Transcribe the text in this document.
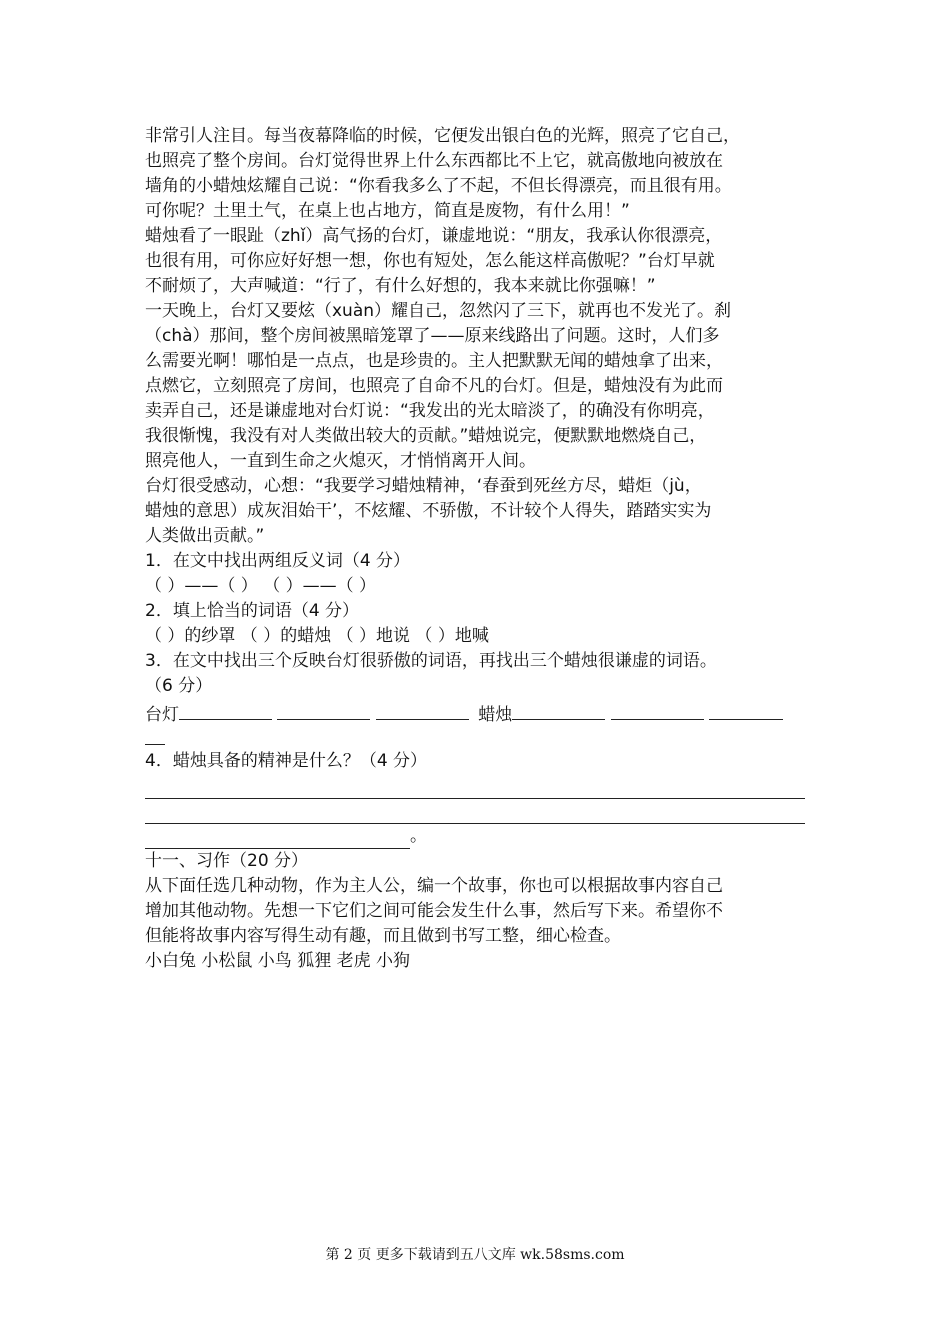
非常引人注目。每当夜幕降临的时候，它便发出银白色的光辉，照亮了它自己，
也照亮了整个房间。台灯觉得世界上什么东西都比不上它，就高傲地向被放在
墙角的小蜡烛炫耀自己说：“你看我多么了不起，不但长得漂亮，而且很有用。
可你呢？土里土气，在桌上也占地方，简直是废物，有什么用！”
蜡烛看了一眼趾（zhǐ）高气扬的台灯，谦虚地说：“朋友，我承认你很漂亮，
也很有用，可你应好好想一想，你也有短处，怎么能这样高傲呢？”台灯早就
不耐烦了，大声喊道：“行了，有什么好想的，我本来就比你强嘛！”
一天晚上，台灯又要炫（xuàn）耀自己，忽然闪了三下，就再也不发光了。刹
（chà）那间，整个房间被黑暗笼罩了——原来线路出了问题。这时，人们多
么需要光啊！哪怕是一点点，也是珍贵的。主人把默默无闻的蜡烛拿了出来，
点燃它，立刻照亮了房间，也照亮了自命不凡的台灯。但是，蜡烛没有为此而
卖弄自己，还是谦虚地对台灯说：“我发出的光太暗淡了，的确没有你明亮，
我很惭愧，我没有对人类做出较大的贡献。”蜡烛说完，便默默地燃烧自己，
照亮他人，一直到生命之火熄灭，才悄悄离开人间。
台灯很受感动，心想：“我要学习蜡烛精神，‘春蚕到死丝方尽，蜡炬（jù，
蜡烛的意思）成灰泪始干’，不炫耀、不骄傲，不计较个人得失，踏踏实实为
人类做出贡献。”
1．在文中找出两组反义词（4 分）
（ ）——（ ） （ ）——（ ）
2．填上恰当的词语（4 分）
（ ）的纱罩 （ ）的蜡烛 （ ）地说 （ ）地喊
3．在文中找出三个反映台灯很骄傲的词语，再找出三个蜡烛很谦虚的词语。
（6 分）
台灯	蜡烛
4．蜡烛具备的精神是什么？（4 分）
。
十一、习作（20 分）
从下面任选几种动物，作为主人公，编一个故事，你也可以根据故事内容自己
增加其他动物。先想一下它们之间可能会发生什么事，然后写下来。希望你不
但能将故事内容写得生动有趣，而且做到书写工整，细心检查。
小白兔 小松鼠 小鸟 狐狸 老虎 小狗
第 2 页 更多下载请到五八文库 wk.58sms.com
